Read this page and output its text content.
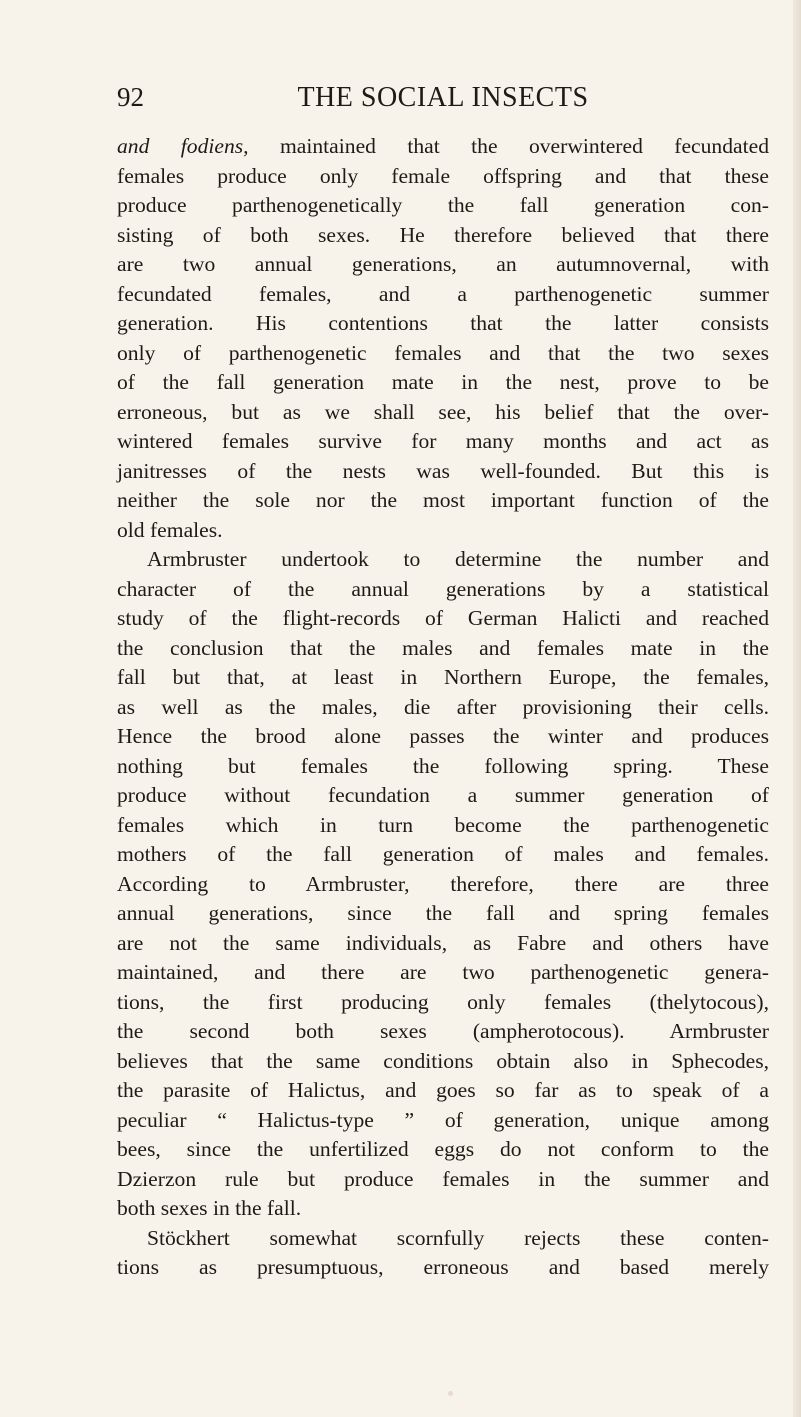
THE SOCIAL INSECTS
92
and fodiens, maintained that the overwintered fecundated
females produce only female offspring and that these
produce parthenogenetically the fall generation con-
sisting of both sexes. He therefore believed that there
are two annual generations, an autumnovernal, with
fecundated females, and a parthenogenetic summer
generation. His contentions that the latter consists
only of parthenogenetic females and that the two sexes
of the fall generation mate in the nest, prove to be
erroneous, but as we shall see, his belief that the over-
wintered females survive for many months and act as
janitresses of the nests was well-founded. But this is
neither the sole nor the most important function of the
old females.
Armbruster undertook to determine the number and
character of the annual generations by a statistical
study of the flight-records of German Halicti and reached
the conclusion that the males and females mate in the
fall but that, at least in Northern Europe, the females,
as well as the males, die after provisioning their cells.
Hence the brood alone passes the winter and produces
nothing but females the following spring. These
produce without fecundation a summer generation of
females which in turn become the parthenogenetic
mothers of the fall generation of males and females.
According to Armbruster, therefore, there are three
annual generations, since the fall and spring females
are not the same individuals, as Fabre and others have
maintained, and there are two parthenogenetic genera-
tions, the first producing only females (thelytocous),
the second both sexes (ampherotocous). Armbruster
believes that the same conditions obtain also in Sphecodes,
the parasite of Halictus, and goes so far as to speak of a
peculiar “ Halictus-type ” of generation, unique among
bees, since the unfertilized eggs do not conform to the
Dzierzon rule but produce females in the summer and
both sexes in the fall.
Stöckhert somewhat scornfully rejects these conten-
tions as presumptuous, erroneous and based merely
